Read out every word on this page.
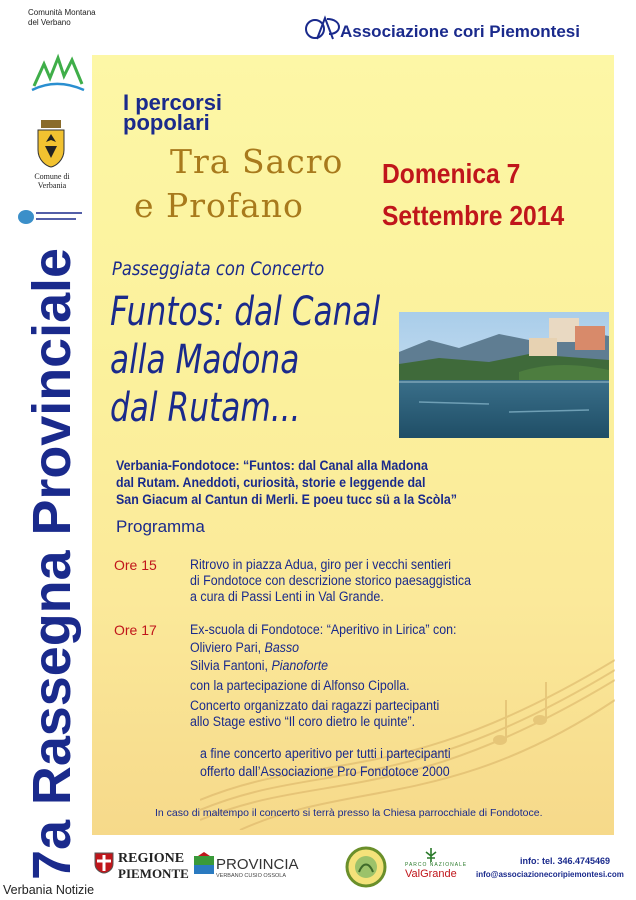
Comunità Montana del Verbano	Associazione cori Piemontesi
Comune di Verbania
7a Rassegna Provinciale
I percorsi
popolari
Tra Sacro
e Profano
Domenica 7
Settembre 2014
Passeggiata con Concerto
Funtos: dal Canal
alla Madona
dal Rutam...
Verbania-Fondotoce: “Funtos: dal Canal alla Madona
dal Rutam. Aneddoti, curiosità, storie e leggende dal
San Giacum al Cantun di Merli. E poeu tucc sü a la Scòla”
Programma
Ore 15
Ore 17
Ritrovo in piazza Adua, giro per i vecchi sentieri
di Fondotoce con descrizione storico paesaggistica
a cura di Passi Lenti in Val Grande.
Ex-scuola di Fondotoce: “Aperitivo in Lirica” con:
Oliviero Pari, Basso
Silvia Fantoni, Pianoforte
con la partecipazione di Alfonso Cipolla.
Concerto organizzato dai ragazzi partecipanti
allo Stage estivo “Il coro dietro le quinte”.
a fine concerto aperitivo per tutti i partecipanti
offerto dall’Associazione Pro Fondotoce 2000
In caso di maltempo il concerto si terrà presso la Chiesa parrocchiale di Fondotoce.
REGIONE
PIEMONTE
PROVINCIA
VERBANO CUSIO OSSOLA
PARCO NAZIONALE
ValGrande
info: tel. 346.4745469
info@associazionecoripiemontesi.com
Verbania Notizie
